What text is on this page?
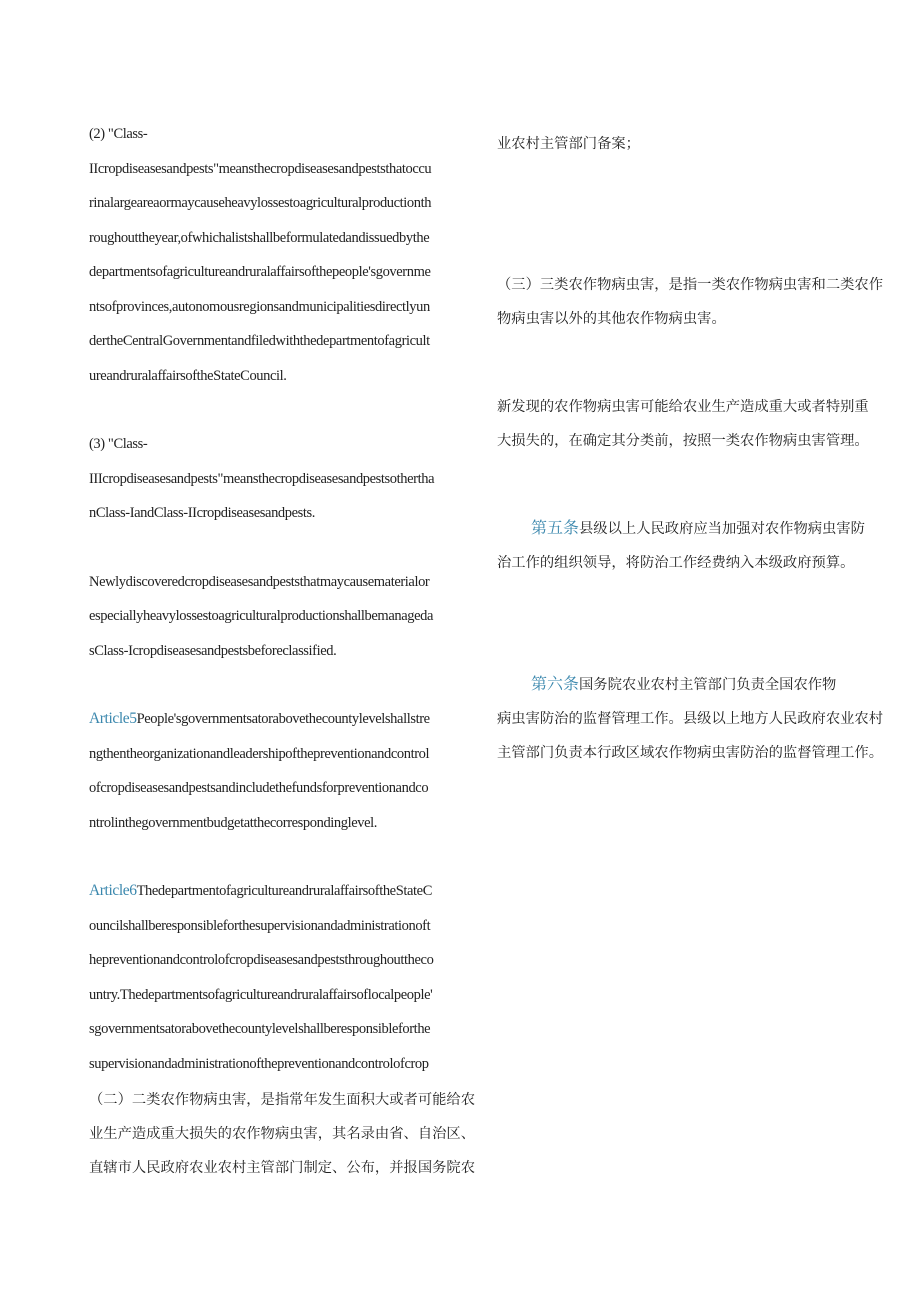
(2) "Class-
IIcropdiseasesandpests"meansthecropdiseasesandpeststhatoccu
rinalargeareaormaycauseheavylossestoagriculturalproductionth
roughouttheyear,ofwhichalistshallbeformulatedandissuedbythe
departmentsofagricultureandruralaffairsofthepeople'sgovernme
ntsofprovinces,autonomousregionsandmunicipalitiesdirectlyun
dertheCentralGovernmentandfiledwiththedepartmentofagricult
ureandruralaffairsoftheStateCouncil.
(3) "Class-
IIIcropdiseasesandpests"meansthecropdiseasesandpestsotherthа
nClass-IandClass-IIcropdiseasesandpests.
Newlydiscoveredcropdiseasesandpeststhatmaycausematerialor
especiallyheavylossestoagriculturalproductionshallbemanageda
sClass-Icropdiseasesandpestsbeforeclassified.
Article5People'sgovernmentsatorabovethecountylevelshallstre
ngthentheorganizationandleadershipofthepreventionandcontrol
ofcropdiseasesandpestsandincludethefundsforpreventionandco
ntrolinthegovernmentbudgetatthecorrespondinglevel.
Article6ThedepartmentofagricultureandruralaffairsoftheStateC
ouncilshallberesponsibleforthesupervisionandadministrationoft
hepreventionandcontrolofcropdiseasesandpeststhroughouttheco
untry.Thedepartmentsofagricultureandruralaffairsoflocalpeople'
sgovernmentsatorabovethecountylevelshallberesponsibleforthe
supervisionandadministrationofthepreventionandcontrolofcrop
（二）二类农作物病虫害，是指常年发生面积大或者可能给农
业生产造成重大损失的农作物病虫害，其名录由省、自治区、
直辖市人民政府农业农村主管部门制定、公布，并报国务院农
业农村主管部门备案；
（三）三类农作物病虫害，是指一类农作物病虫害和二类农作
物病虫害以外的其他农作物病虫害。
新发现的农作物病虫害可能给农业生产造成重大或者特别重
大损失的，在确定其分类前，按照一类农作物病虫害管理。
第五条县级以上人民政府应当加强对农作物病虫害防
治工作的组织领导，将防治工作经费纳入本级政府预算。
第六条国务院农业农村主管部门负责全国农作物
病虫害防治的监督管理工作。县级以上地方人民政府农业农村
主管部门负责本行政区域农作物病虫害防治的监督管理工作。
